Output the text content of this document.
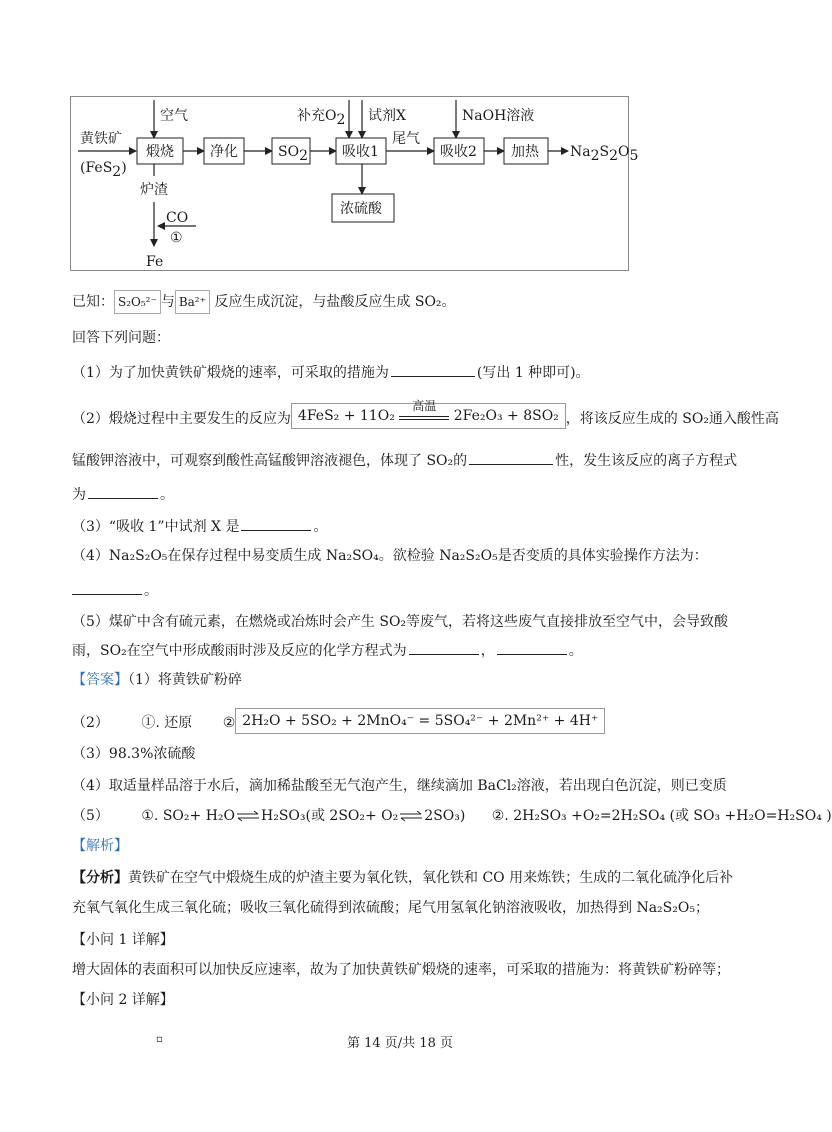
黄铁矿
(FeS2)
空气
煅烧	净化	SO2
补充O2 试剂X
吸收1
尾气
浓硫酸
NaOH溶液
吸收2 加热 Na2S2O5
炉渣
CO
①
Fe
已知： S₂O₅²⁻ 与 Ba²⁺ 反应生成沉淀，与盐酸反应生成 SO₂。
回答下列问题：
（1）为了加快黄铁矿煅烧的速率，可采取的措施为	(写出 1 种即可)。
（2）煅烧过程中主要发生的反应为 4FeS₂ + 11O₂
高温
2Fe₂O₃ + 8SO₂ ，将该反应生成的 SO₂通入酸性高
锰酸钾溶液中，可观察到酸性高锰酸钾溶液褪色，体现了 SO₂的	性，发生该反应的离子方程式
为	。
（3）“吸收 1”中试剂 X 是	。
（4）Na₂S₂O₅在保存过程中易变质生成 Na₂SO₄。欲检验 Na₂S₂O₅是否变质的具体实验操作方法为：
。
（5）煤矿中含有硫元素，在燃烧或冶炼时会产生 SO₂等废气，若将这些废气直接排放至空气中，会导致酸
雨，SO₂在空气中形成酸雨时涉及反应的化学方程式为	，	。
【答案】（1）将黄铁矿粉碎
（2） ①. 还原 ② 2H₂O + 5SO₂ + 2MnO₄⁻ = 5SO₄²⁻ + 2Mn²⁺ + 4H⁺
（3）98.3%浓硫酸
（4）取适量样品溶于水后，滴加稀盐酸至无气泡产生，继续滴加 BaCl₂溶液，若出现白色沉淀，则已变质
（5） ①. SO₂+ H₂O⇌H₂SO₃(或 2SO₂+ O₂⇌2SO₃) ②. 2H₂SO₃ +O₂=2H₂SO₄ (或 SO₃ +H₂O=H₂SO₄ )
【解析】
【分析】黄铁矿在空气中煅烧生成的炉渣主要为氧化铁，氧化铁和 CO 用来炼铁；生成的二氧化硫净化后补
充氧气氧化生成三氧化硫；吸收三氧化硫得到浓硫酸；尾气用氢氧化钠溶液吸收，加热得到 Na₂S₂O₅；
【小问 1 详解】
增大固体的表面积可以加快反应速率，故为了加快黄铁矿煅烧的速率，可采取的措施为：将黄铁矿粉碎等；
【小问 2 详解】
▫	第 14 页/共 18 页
